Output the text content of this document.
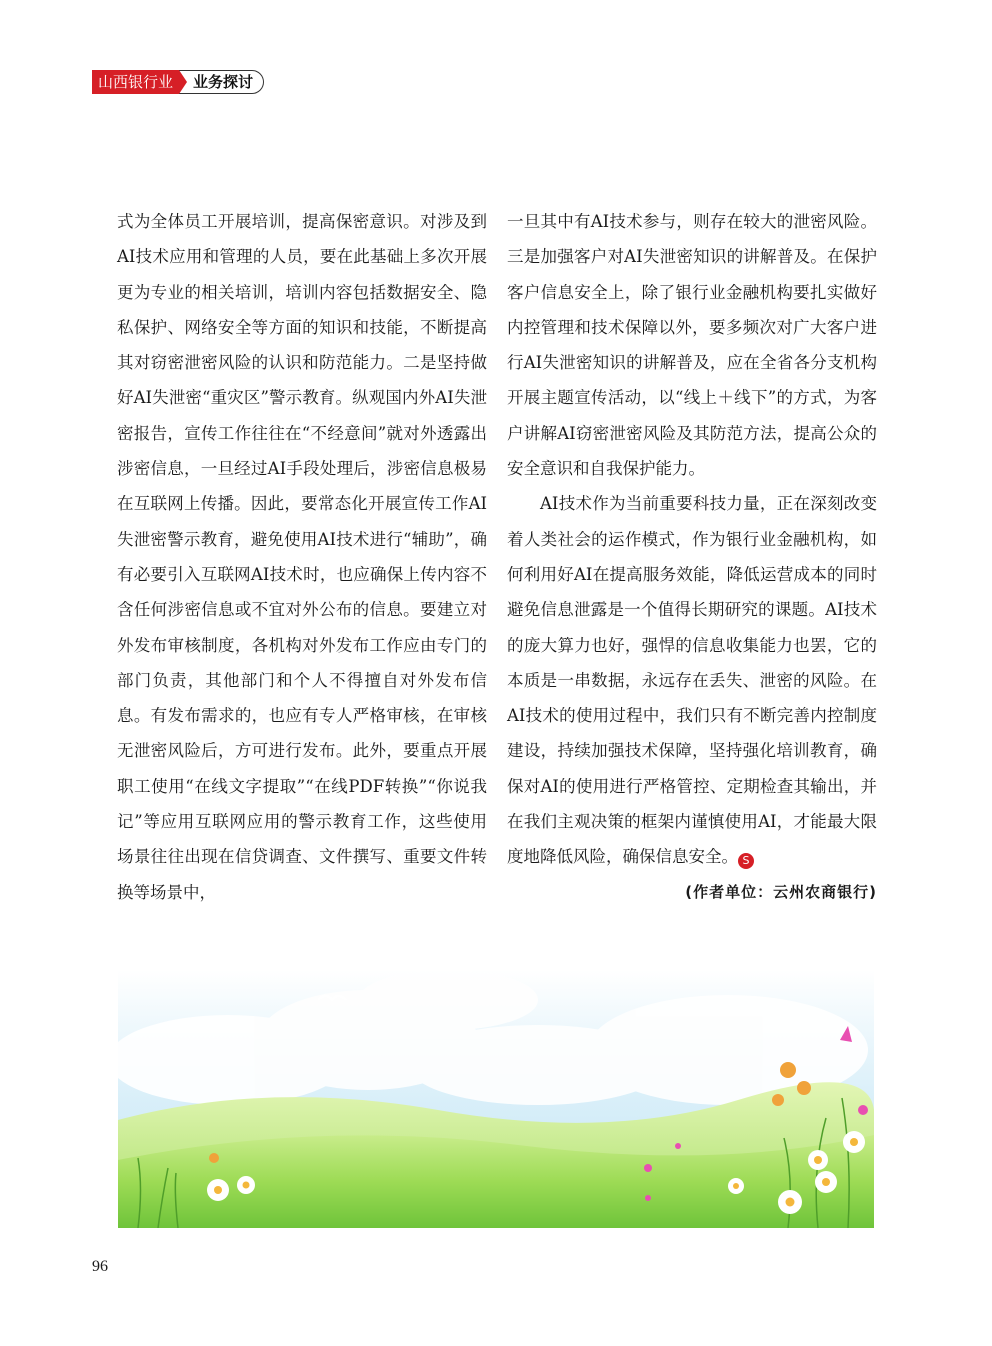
山西银行业	业务探讨

式为全体员工开展培训，提高保密意识。对涉及到AI技术应用和管理的人员，要在此基础上多次开展更为专业的相关培训，培训内容包括数据安全、隐私保护、网络安全等方面的知识和技能，不断提高其对窃密泄密风险的认识和防范能力。二是坚持做好AI失泄密“重灾区”警示教育。纵观国内外AI失泄密报告，宣传工作往往在“不经意间”就对外透露出涉密信息，一旦经过AI手段处理后，涉密信息极易在互联网上传播。因此，要常态化开展宣传工作AI失泄密警示教育，避免使用AI技术进行“辅助”，确有必要引入互联网AI技术时，也应确保上传内容不含任何涉密信息或不宜对外公布的信息。要建立对外发布审核制度，各机构对外发布工作应由专门的部门负责，其他部门和个人不得擅自对外发布信息。有发布需求的，也应有专人严格审核，在审核无泄密风险后，方可进行发布。此外，要重点开展职工使用“在线文字提取”“在线PDF转换”“你说我记”等应用互联网应用的警示教育工作，这些使用场景往往出现在信贷调查、文件撰写、重要文件转换等场景中，

一旦其中有AI技术参与，则存在较大的泄密风险。三是加强客户对AI失泄密知识的讲解普及。在保护客户信息安全上，除了银行业金融机构要扎实做好内控管理和技术保障以外，要多频次对广大客户进行AI失泄密知识的讲解普及，应在全省各分支机构开展主题宣传活动，以“线上＋线下”的方式，为客户讲解AI窃密泄密风险及其防范方法，提高公众的安全意识和自我保护能力。

AI技术作为当前重要科技力量，正在深刻改变着人类社会的运作模式，作为银行业金融机构，如何利用好AI在提高服务效能，降低运营成本的同时避免信息泄露是一个值得长期研究的课题。AI技术的庞大算力也好，强悍的信息收集能力也罢，它的本质是一串数据，永远存在丢失、泄密的风险。在AI技术的使用过程中，我们只有不断完善内控制度建设，持续加强技术保障，坚持强化培训教育，确保对AI的使用进行严格管控、定期检查其输出，并在我们主观决策的框架内谨慎使用AI，才能最大限度地降低风险，确保信息安全。 S

(作者单位：云州农商银行)

96
